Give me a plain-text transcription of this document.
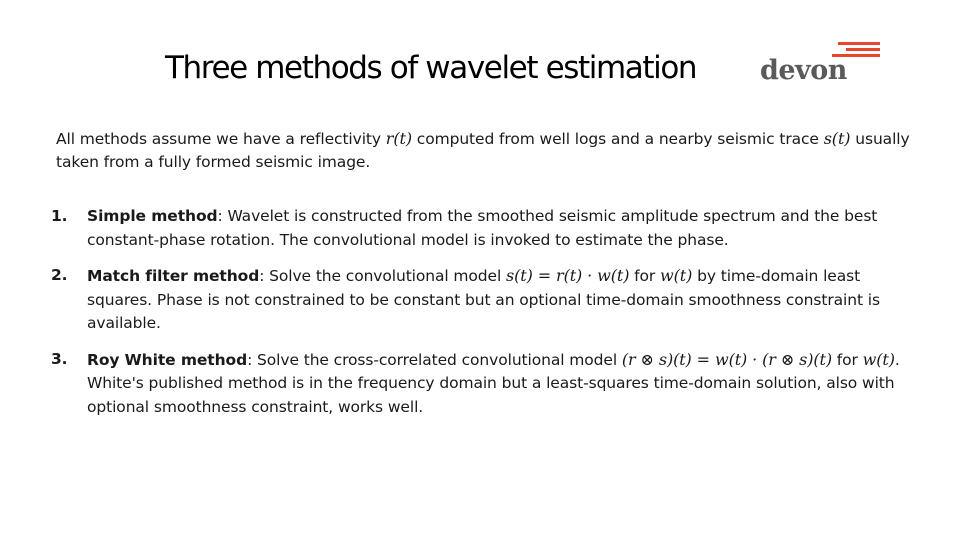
Three methods of wavelet estimation devon
All methods assume we have a reflectivity r(t) computed from well logs and a nearby seismic trace s(t) usually taken from a fully formed seismic image.
1. Simple method: Wavelet is constructed from the smoothed seismic amplitude spectrum and the best constant-phase rotation. The convolutional model is invoked to estimate the phase.
2. Match filter method: Solve the convolutional model s(t) = r(t) · w(t) for w(t) by time-domain least squares. Phase is not constrained to be constant but an optional time-domain smoothness constraint is available.
3. Roy White method: Solve the cross-correlated convolutional model (r ⊗ s)(t) = w(t) · (r ⊗ s)(t) for w(t). White's published method is in the frequency domain but a least-squares time-domain solution, also with optional smoothness constraint, works well.
